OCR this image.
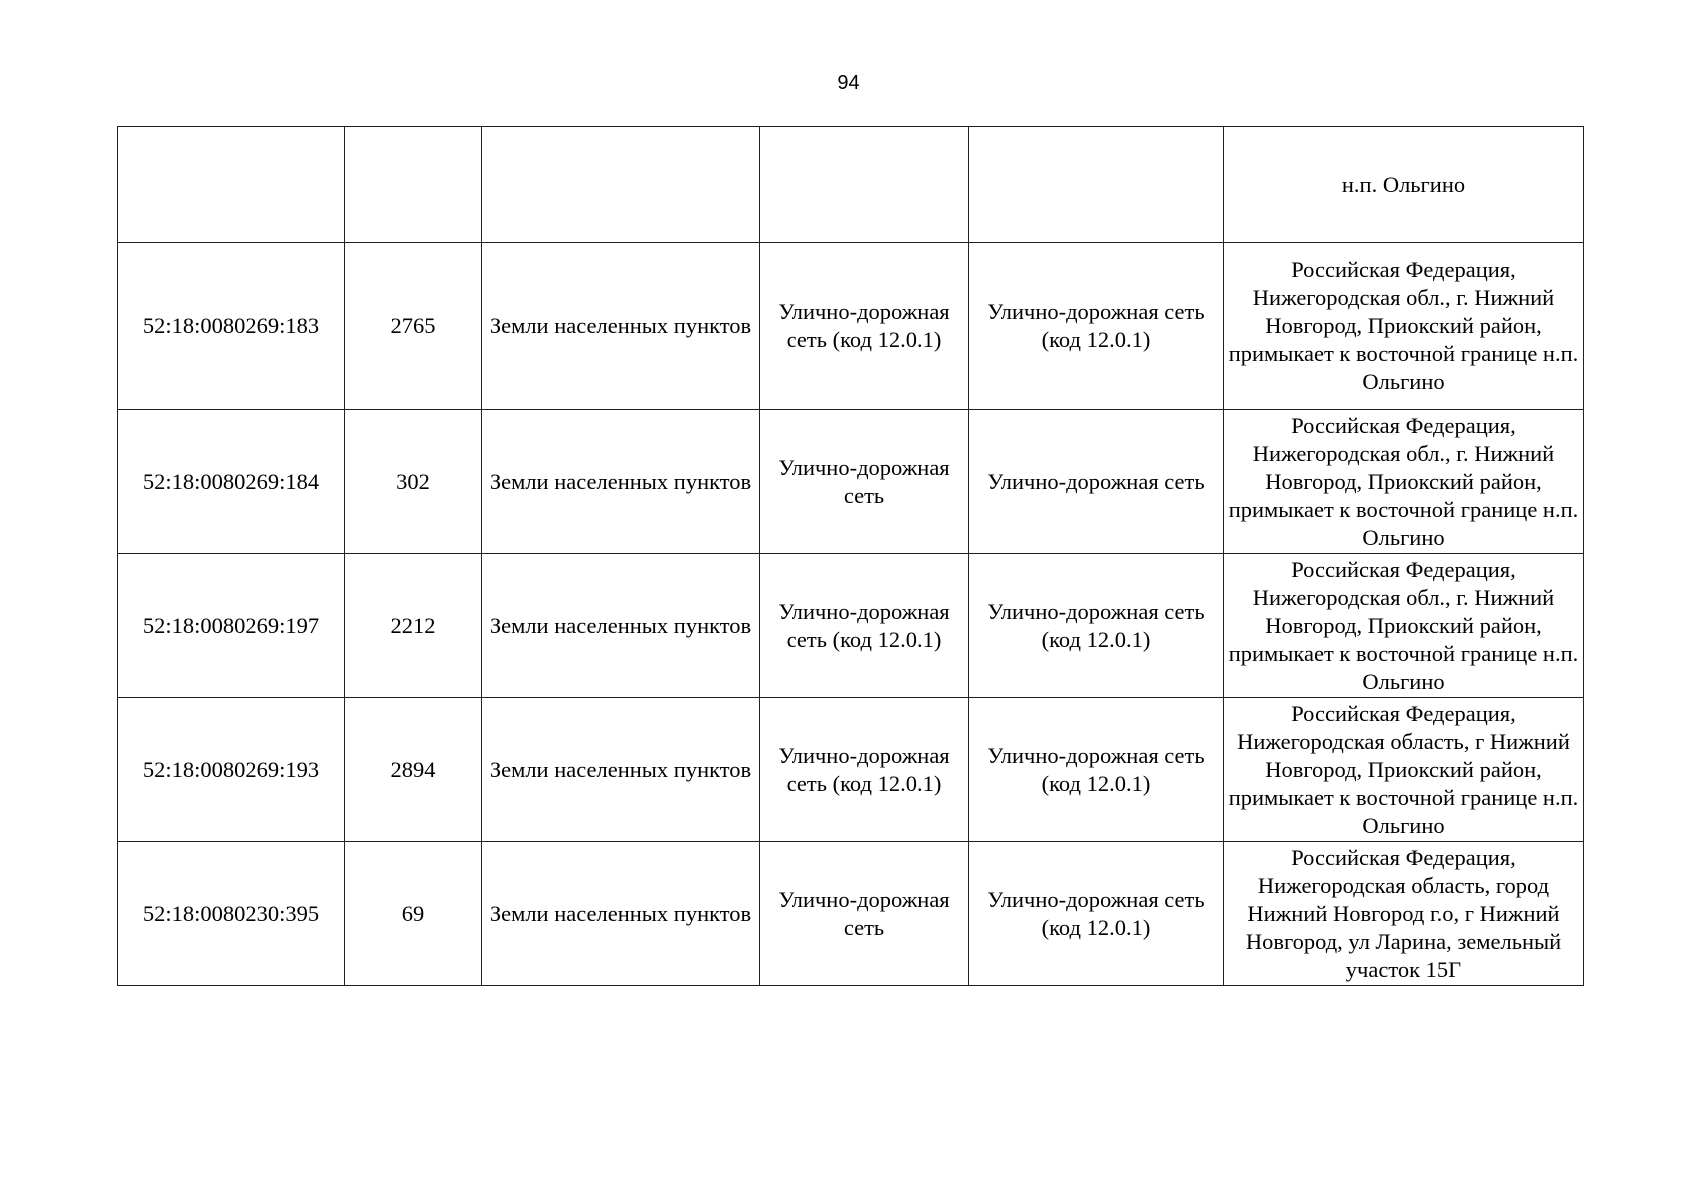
94
					н.п. Ольгино
52:18:0080269:183	2765	Земли населенных пунктов	Улично-дорожная сеть (код 12.0.1)	Улично-дорожная сеть (код 12.0.1)	Российская Федерация, Нижегородская обл., г. Нижний Новгород, Приокский район, примыкает к восточной границе н.п. Ольгино
52:18:0080269:184	302	Земли населенных пунктов	Улично-дорожная сеть	Улично-дорожная сеть	Российская Федерация, Нижегородская обл., г. Нижний Новгород, Приокский район, примыкает к восточной границе н.п. Ольгино
52:18:0080269:197	2212	Земли населенных пунктов	Улично-дорожная сеть (код 12.0.1)	Улично-дорожная сеть (код 12.0.1)	Российская Федерация, Нижегородская обл., г. Нижний Новгород, Приокский район, примыкает к восточной границе н.п. Ольгино
52:18:0080269:193	2894	Земли населенных пунктов	Улично-дорожная сеть (код 12.0.1)	Улично-дорожная сеть (код 12.0.1)	Российская Федерация, Нижегородская область, г Нижний Новгород, Приокский район, примыкает к восточной границе н.п. Ольгино
52:18:0080230:395	69	Земли населенных пунктов	Улично-дорожная сеть	Улично-дорожная сеть (код 12.0.1)	Российская Федерация, Нижегородская область, город Нижний Новгород г.о, г Нижний Новгород, ул Ларина, земельный участок 15Г
